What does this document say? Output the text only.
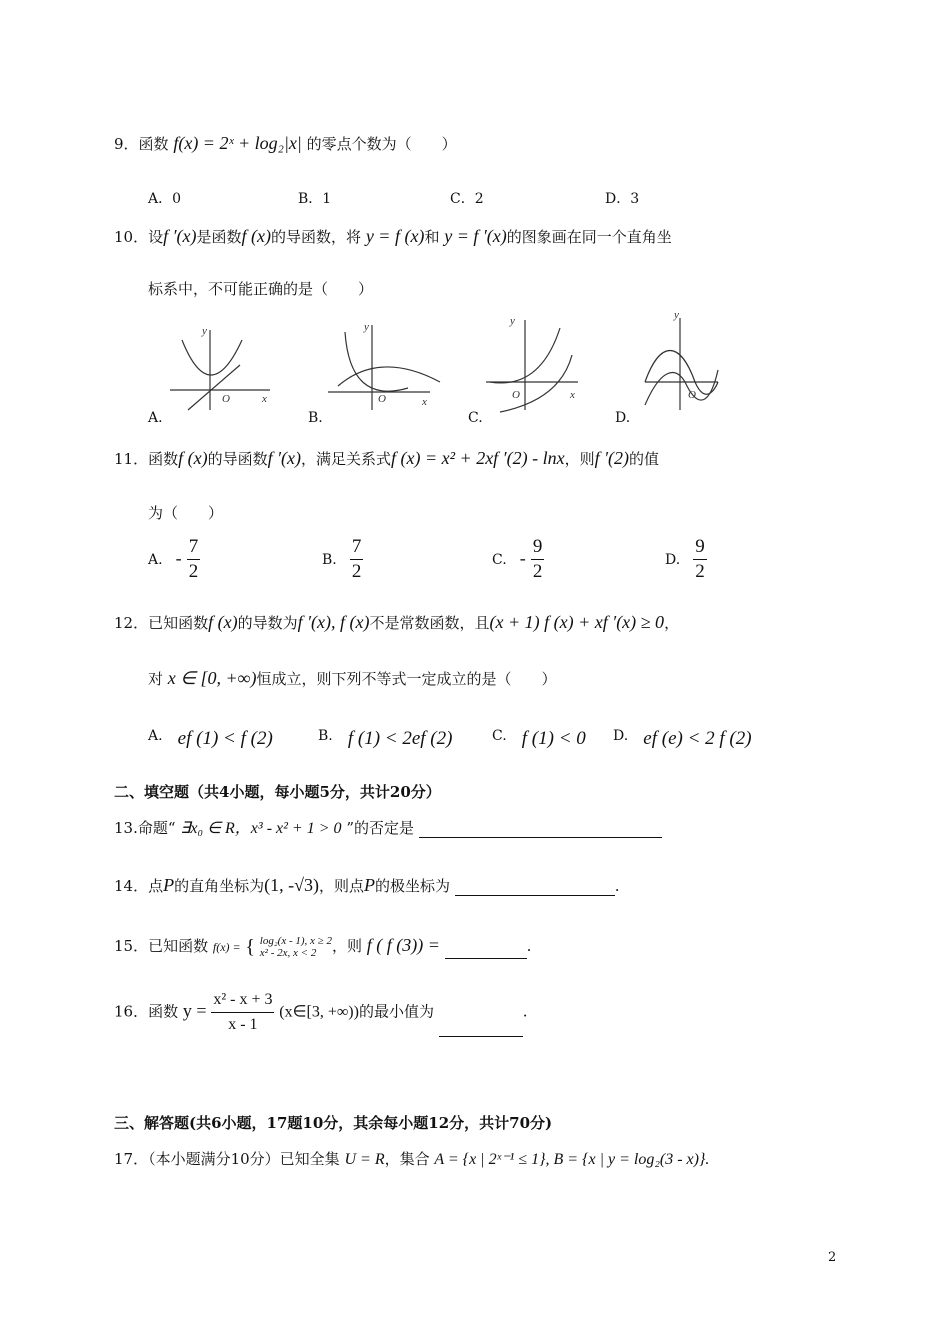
9．函数 f(x) = 2ˣ + log₂|x| 的零点个数为（　　）
A．0	B．1	C．2	D．3
10．设f ′(x)是函数f (x)的导函数，将 y = f (x)和 y = f ′(x)的图象画在同一个直角坐
标系中，不可能正确的是（　　）
y
x
O
y
x
O
y
x
O
y
O
A.	B.	C.	D.
11．函数f (x)的导函数f ′(x)，满足关系式f (x) = x² + 2xf ′(2) - lnx，则f ′(2)的值
为（　　）
A. - $\frac{7}{2}$	B. $\frac{7}{2}$	C. - $\frac{9}{2}$	D. $\frac{9}{2}$
12．已知函数f (x)的导数为f ′(x), f (x)不是常数函数，且(x + 1) f (x) + xf ′(x) ≥ 0，
对 x ∈ [0, +∞)恒成立，则下列不等式一定成立的是（　　）
A. ef (1) < f (2)	B. f (1) < 2ef (2)	C. f (1) < 0 D. ef (e) < 2 f (2)
二、填空题（共4小题，每小题5分，共计20分）
13.命题“ ∃x₀ ∈ R，x³ - x² + 1 > 0 ”的否定是
14．点P的直角坐标为(1, -√3)，则点P的极坐标为	.
15．已知函数 f(x) = { log₂(x - 1), x ≥ 2
x² - 2x, x < 2	，则 f ( f (3)) =	.
16．函数 $y = \frac{\text{x² - x + 3}}{x - 1}$ (x∈[3, +∞))的最小值为	.
三、解答题(共6小题，17题10分，其余每小题12分，共计70分)
17．（本小题满分10分）已知全集 U = R，集合 A = {x | 2ˣ⁻¹ ≤ 1}, B = {x | y = log₂(3 - x)}.
2
